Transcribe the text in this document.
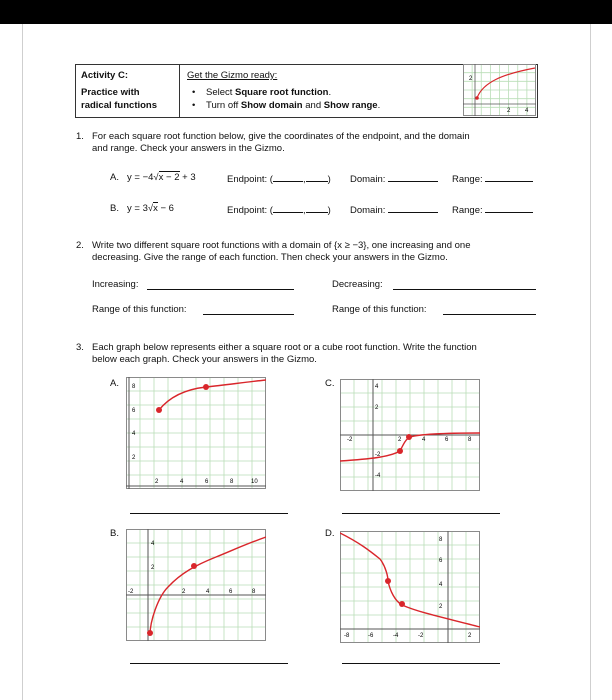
Activity C:
Practice with
radical functions
Get the Gizmo ready:
• Select Square root function.
• Turn off Show domain and Show range.
2
2 4
1. For each square root function below, give the coordinates of the endpoint, and the domain
and range. Check your answers in the Gizmo.
A. y = −4√x − 2 + 3	Endpoint: (	, ) Domain:	Range:
B. y = 3√x − 6	Endpoint: (	, ) Domain:	Range:
2. Write two different square root functions with a domain of {x ≥ −3}, one increasing and one
decreasing. Give the range of each function. Then check your answers in the Gizmo.
Increasing:	Decreasing:
Range of this function:	Range of this function:
3. Each graph below represents either a square root or a cube root function. Write the function
below each graph. Check your answers in the Gizmo.
A.	C.
B.	D.
8
6
4
2
2	4	6	8	10
4
2
-2
-4
-2	2	4	6	8
4
2
-2	2	4	6	8
8
6
4
2
-8	-6	-4	-2	2
